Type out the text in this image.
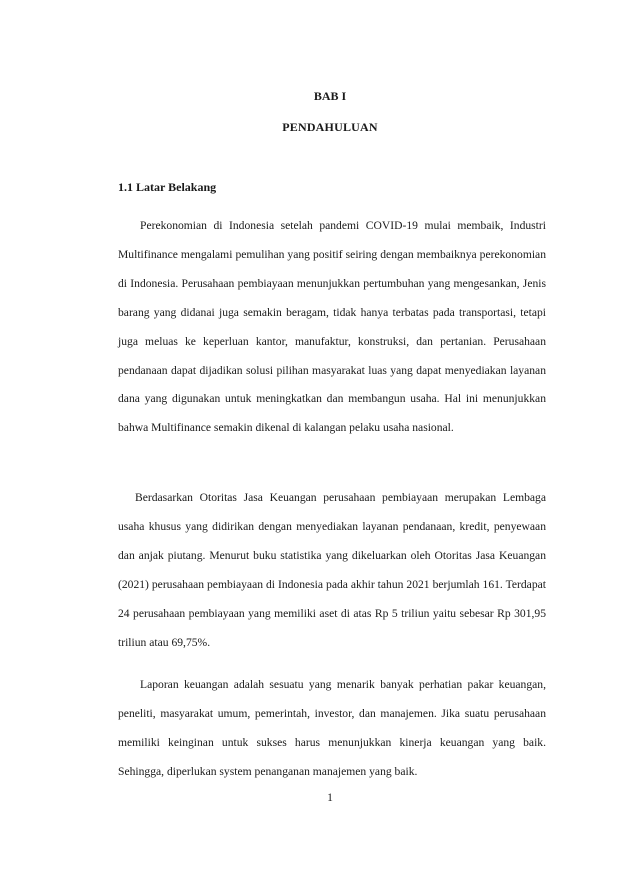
BAB I
PENDAHULUAN
1.1 Latar Belakang

Perekonomian di Indonesia setelah pandemi COVID-19 mulai membaik, Industri Multifinance mengalami pemulihan yang positif seiring dengan membaiknya perekonomian di Indonesia. Perusahaan pembiayaan menunjukkan pertumbuhan yang mengesankan, Jenis barang yang didanai juga semakin beragam, tidak hanya terbatas pada transportasi, tetapi juga meluas ke keperluan kantor, manufaktur, konstruksi, dan pertanian. Perusahaan pendanaan dapat dijadikan solusi pilihan masyarakat luas yang dapat menyediakan layanan dana yang digunakan untuk meningkatkan dan membangun usaha. Hal ini menunjukkan bahwa Multifinance semakin dikenal di kalangan pelaku usaha nasional.

Berdasarkan Otoritas Jasa Keuangan perusahaan pembiayaan merupakan Lembaga usaha khusus yang didirikan dengan menyediakan layanan pendanaan, kredit, penyewaan dan anjak piutang. Menurut buku statistika yang dikeluarkan oleh Otoritas Jasa Keuangan (2021) perusahaan pembiayaan di Indonesia pada akhir tahun 2021 berjumlah 161. Terdapat 24 perusahaan pembiayaan yang memiliki aset di atas Rp 5 triliun yaitu sebesar Rp 301,95 triliun atau 69,75%.

Laporan keuangan adalah sesuatu yang menarik banyak perhatian pakar keuangan, peneliti, masyarakat umum, pemerintah, investor, dan manajemen. Jika suatu perusahaan memiliki keinginan untuk sukses harus menunjukkan kinerja keuangan yang baik. Sehingga, diperlukan system penanganan manajemen yang baik.

1
